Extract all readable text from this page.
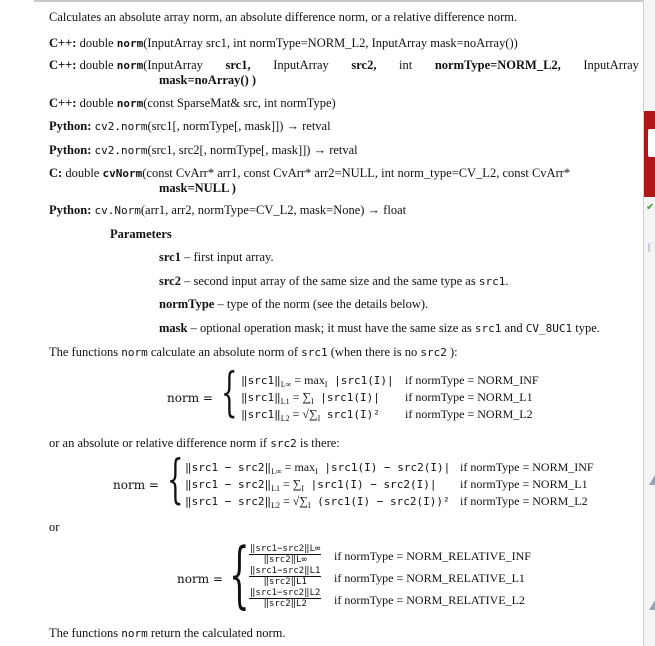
✔
[
Calculates an absolute array norm, an absolute difference norm, or a relative difference norm.
C++: double norm(InputArray src1, int normType=NORM_L2, InputArray mask=noArray())
C++: double norm(InputArray src1, InputArray src2, int normType=NORM_L2, InputArray
mask=noArray() )
C++: double norm(const SparseMat& src, int normType)
Python: cv2.norm(src1[, normType[, mask]]) → retval
Python: cv2.norm(src1, src2[, normType[, mask]]) → retval
C: double cvNorm(const CvArr* arr1, const CvArr* arr2=NULL, int norm_type=CV_L2, const CvArr*
mask=NULL )
Python: cv.Norm(arr1, arr2, normType=CV_L2, mask=None) → float
Parameters
src1 – first input array.
src2 – second input array of the same size and the same type as src1.
normType – type of the norm (see the details below).
mask – optional operation mask; it must have the same size as src1 and CV_8UC1 type.
The functions norm calculate an absolute norm of src1 (when there is no src2 ):
norm = { $‖src1‖_{L\infty} = \max_I |src1(I)|$
$‖src1‖_{L1} = \sum_I$ |src1(I)|
$‖src1‖_{L2} = √\sum_I$ src1(I)²
if normType = NORM_INF
if normType = NORM_L1
if normType = NORM_L2
or an absolute or relative difference norm if src2 is there:
norm = { ‖src1 − $src2‖_{L\infty} = \max_I |src1(I) - src2(I)|$
‖src1 − $src2‖_{L1} = \sum_I$ |src1(I) − src2(I)|
‖src1 − $src2‖_{L2} = √\sum_I$ (src1(I) − src2(I))²
if normType = NORM_INF
if normType = NORM_L1
if normType = NORM_L2
or
norm = { $\frac{\text{‖src1−src2‖L∞}}{\text{‖src2‖L∞}}$
$\frac{\text{‖src1−src2‖L1}}{\text{‖src2‖L1}}$
$\frac{\text{‖src1−src2‖L2}}{\text{‖src2‖L2}}$
if normType = NORM_RELATIVE_INF
if normType = NORM_RELATIVE_L1
if normType = NORM_RELATIVE_L2
The functions norm return the calculated norm.
